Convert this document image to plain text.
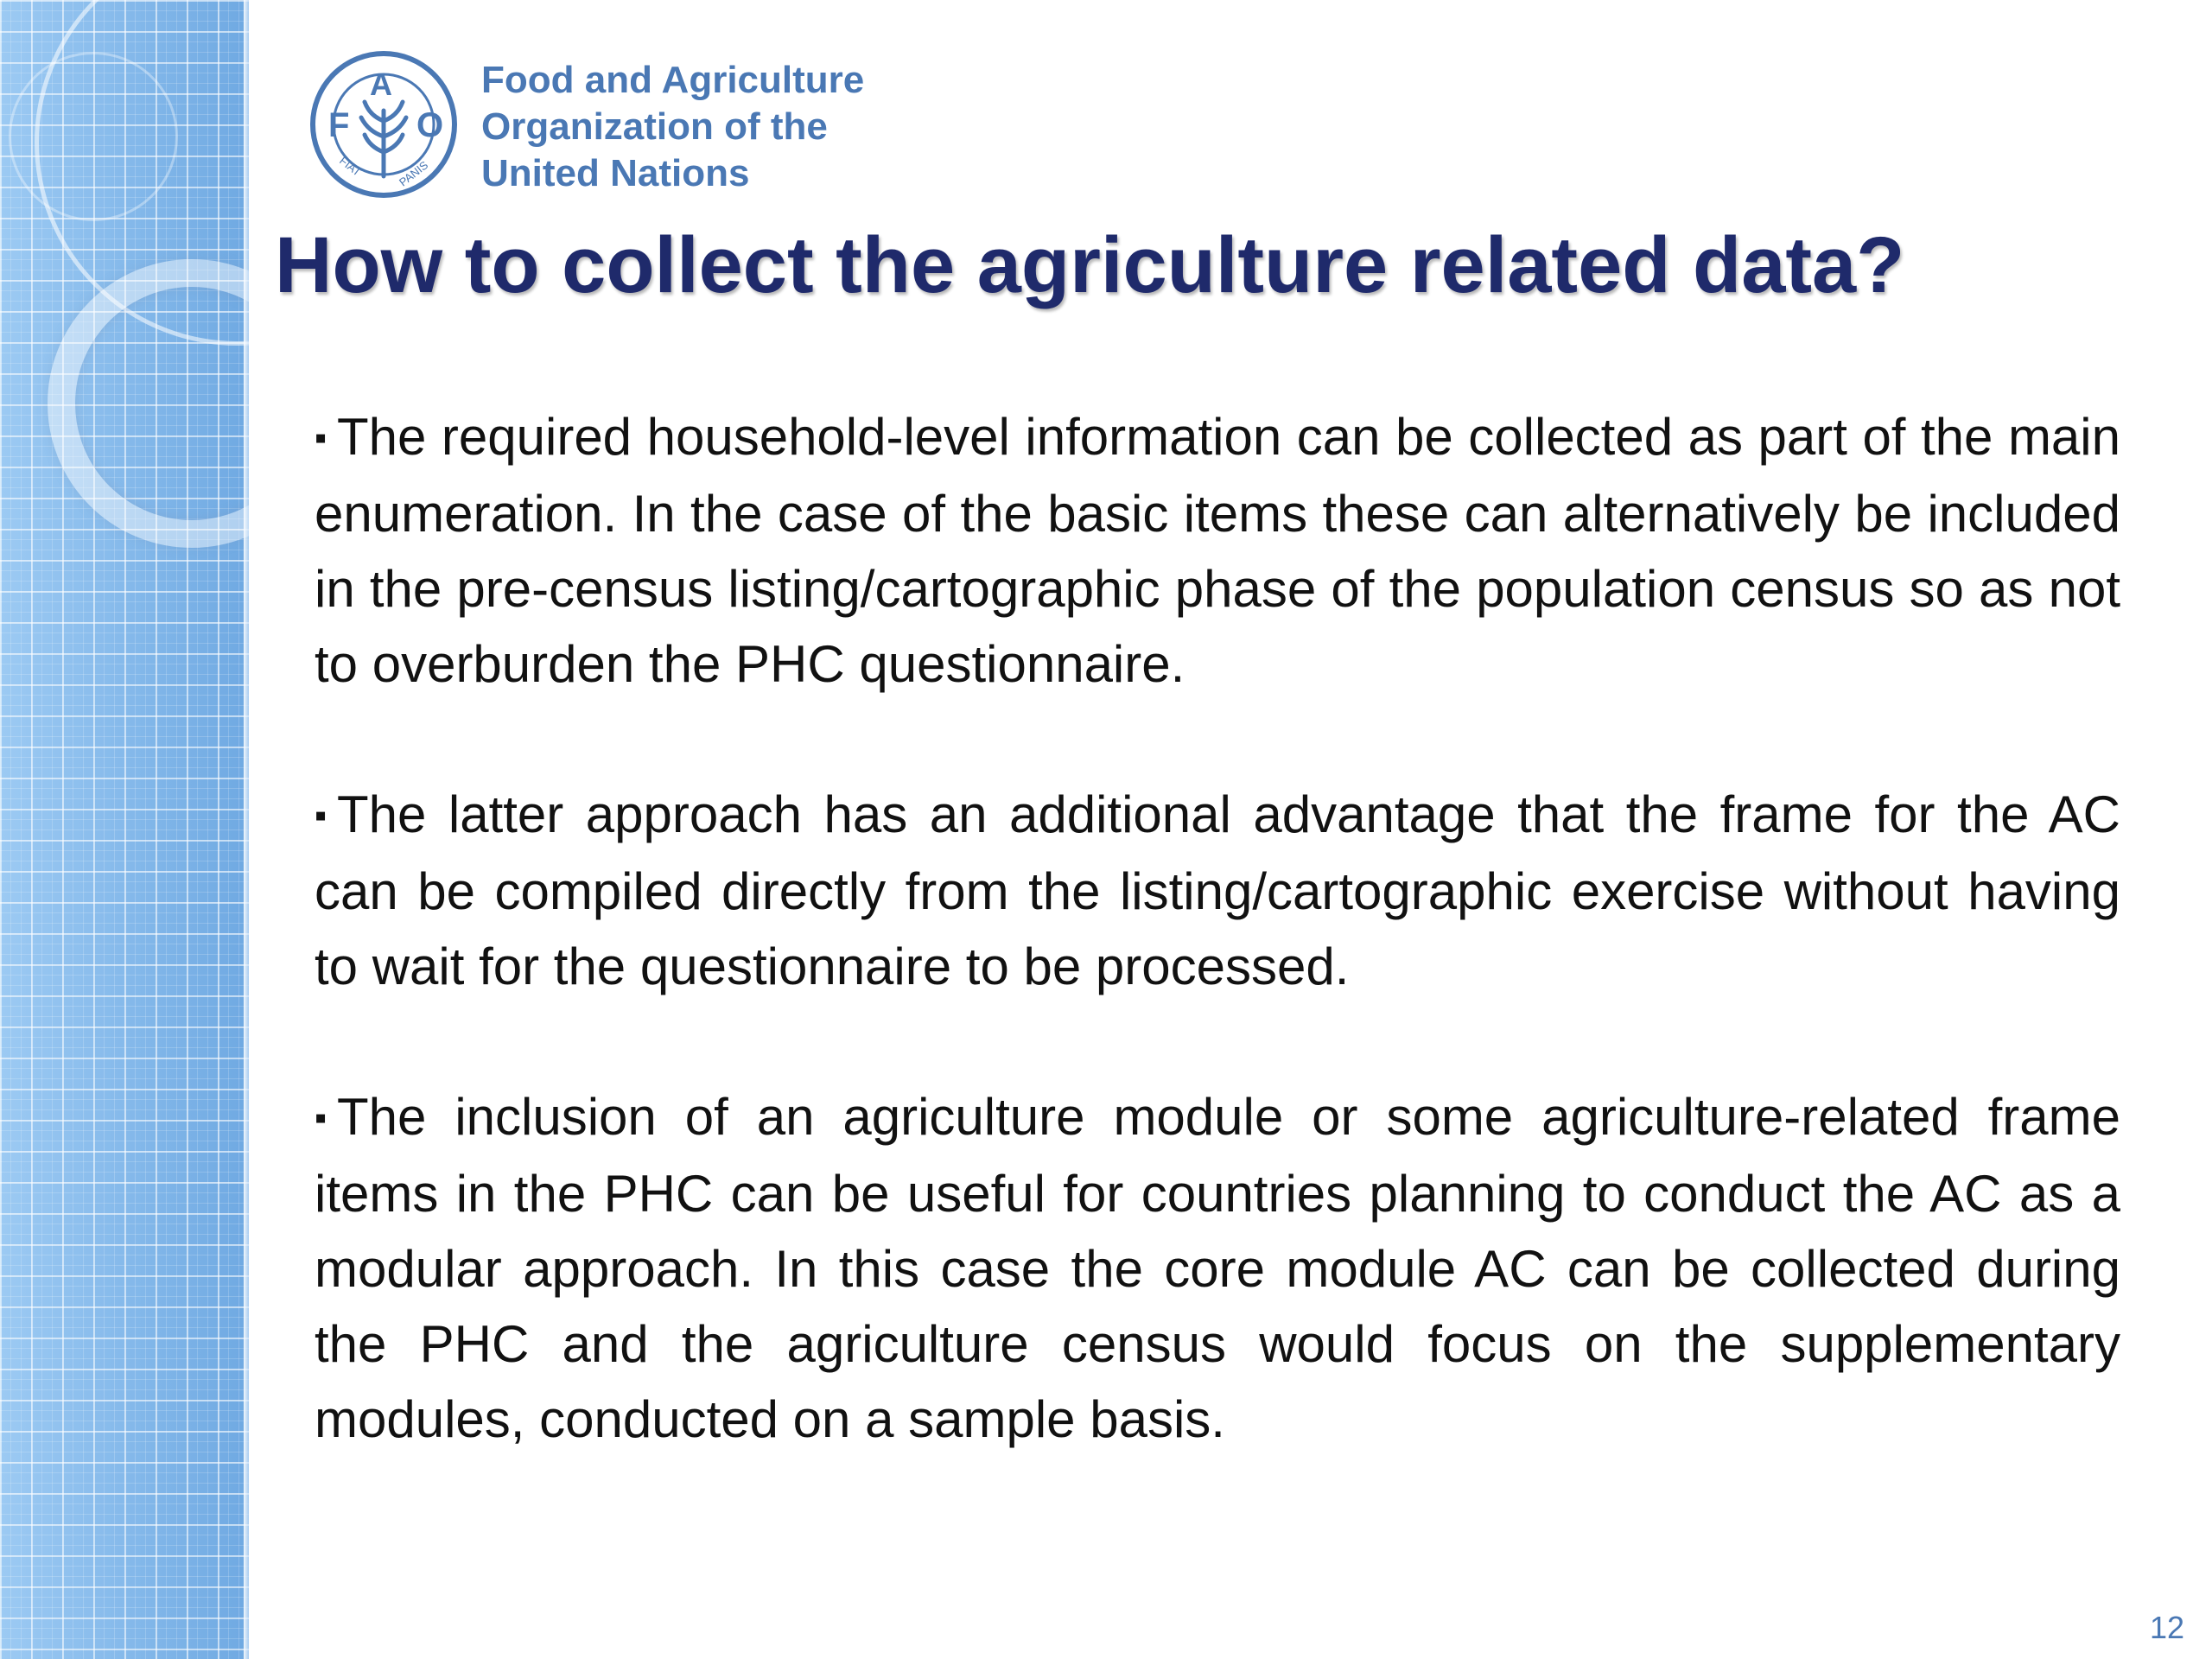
F
A
O
FIAT	PANIS
Food and Agriculture
Organization of the
United Nations
How to collect the agriculture related data?

▪ The required household-level information can be collected as part of the main enumeration. In the case of the basic items these can alternatively be included in the pre-census listing/cartographic phase of the population census so as not to overburden the PHC questionnaire.

▪ The latter approach has an additional advantage that the frame for the AC can be compiled directly from the listing/cartographic exercise without having to wait for the questionnaire to be processed.

▪ The inclusion of an agriculture module or some agriculture-related frame items in the PHC can be useful for countries planning to conduct the AC as a modular approach. In this case the core module AC can be collected during the PHC and the agriculture census would focus on the supplementary modules, conducted on a sample basis.

12
